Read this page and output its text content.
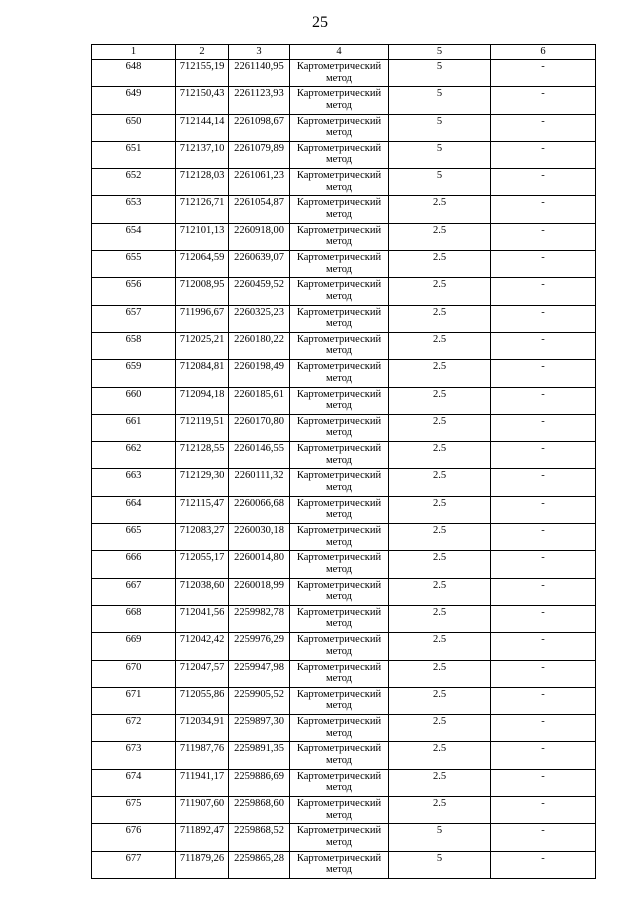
25
1	2	3	4	5	6
648	712155,19	2261140,95	Картометрический метод	5	-
649	712150,43	2261123,93	Картометрический метод	5	-
650	712144,14	2261098,67	Картометрический метод	5	-
651	712137,10	2261079,89	Картометрический метод	5	-
652	712128,03	2261061,23	Картометрический метод	5	-
653	712126,71	2261054,87	Картометрический метод	2.5	-
654	712101,13	2260918,00	Картометрический метод	2.5	-
655	712064,59	2260639,07	Картометрический метод	2.5	-
656	712008,95	2260459,52	Картометрический метод	2.5	-
657	711996,67	2260325,23	Картометрический метод	2.5	-
658	712025,21	2260180,22	Картометрический метод	2.5	-
659	712084,81	2260198,49	Картометрический метод	2.5	-
660	712094,18	2260185,61	Картометрический метод	2.5	-
661	712119,51	2260170,80	Картометрический метод	2.5	-
662	712128,55	2260146,55	Картометрический метод	2.5	-
663	712129,30	2260111,32	Картометрический метод	2.5	-
664	712115,47	2260066,68	Картометрический метод	2.5	-
665	712083,27	2260030,18	Картометрический метод	2.5	-
666	712055,17	2260014,80	Картометрический метод	2.5	-
667	712038,60	2260018,99	Картометрический метод	2.5	-
668	712041,56	2259982,78	Картометрический метод	2.5	-
669	712042,42	2259976,29	Картометрический метод	2.5	-
670	712047,57	2259947,98	Картометрический метод	2.5	-
671	712055,86	2259905,52	Картометрический метод	2.5	-
672	712034,91	2259897,30	Картометрический метод	2.5	-
673	711987,76	2259891,35	Картометрический метод	2.5	-
674	711941,17	2259886,69	Картометрический метод	2.5	-
675	711907,60	2259868,60	Картометрический метод	2.5	-
676	711892,47	2259868,52	Картометрический метод	5	-
677	711879,26	2259865,28	Картометрический метод	5	-
